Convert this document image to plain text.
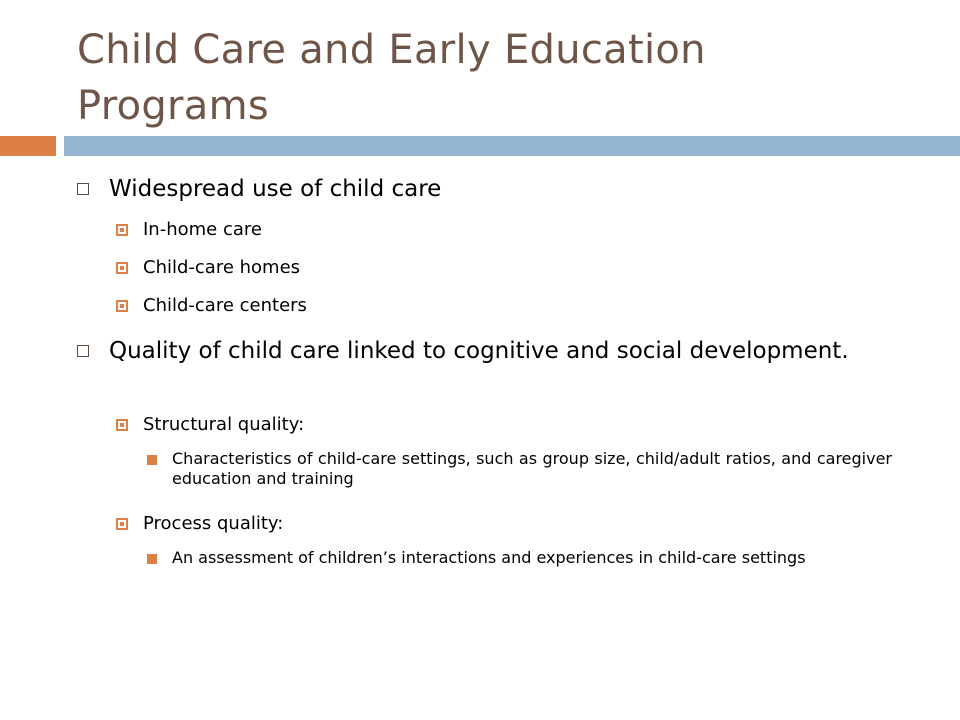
Child Care and Early Education
Programs
Widespread use of child care
In-home care
Child-care homes
Child-care centers
Quality of child care linked to cognitive and social development.
Structural quality:
Characteristics of child-care settings, such as group size, child/adult ratios, and caregiver education and training
Process quality:
An assessment of children’s interactions and experiences in child-care settings
